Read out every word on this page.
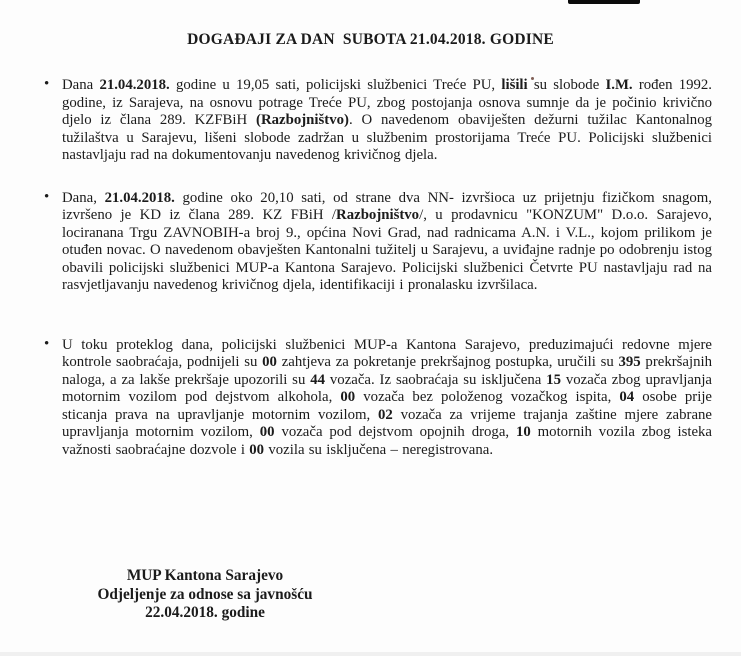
DOGAĐAJI ZA DAN  SUBOTA 21.04.2018. GODINE

• Dana 21.04.2018. godine u 19,05 sati, policijski službenici Treće PU, lišili su slobode I.M. rođen 1992. godine, iz Sarajeva, na osnovu potrage Treće PU, zbog postojanja osnova sumnje da je počinio krivično djelo iz člana 289. KZFBiH (Razbojništvo). O navedenom obaviješten dežurni tužilac Kantonalnog tužilaštva u Sarajevu, lišeni slobode zadržan u službenim prostorijama Treće PU. Policijski službenici nastavljaju rad na dokumentovanju navedenog krivičnog djela.

• Dana, 21.04.2018. godine oko 20,10 sati, od strane dva NN- izvršioca uz prijetnju fizičkom snagom, izvršeno je KD iz člana 289. KZ FBiH /Razbojništvo/, u prodavnicu "KONZUM" D.o.o. Sarajevo, lociranana Trgu ZAVNOBIH-a broj 9., općina Novi Grad, nad radnicama A.N. i V.L., kojom prilikom je otuđen novac. O navedenom obavješten Kantonalni tužitelj u Sarajevu, a uviđajne radnje po odobrenju istog obavili policijski službenici MUP-a Kantona Sarajevo. Policijski službenici Četvrte PU nastavljaju rad na rasvjetljavanju navedenog krivičnog djela, identifikaciji i pronalasku izvršilaca.

• U toku proteklog dana, policijski službenici MUP-a Kantona Sarajevo, preduzimajući redovne mjere kontrole saobraćaja, podnijeli su 00 zahtjeva za pokretanje prekršajnog postupka, uručili su 395 prekršajnih naloga, a za lakše prekršaje upozorili su 44 vozača. Iz saobraćaja su isključena 15 vozača zbog upravljanja motornim vozilom pod dejstvom alkohola, 00 vozača bez položenog vozačkog ispita, 04 osobe prije sticanja prava na upravljanje motornim vozilom, 02 vozača za vrijeme trajanja zaštine mjere zabrane upravljanja motornim vozilom, 00 vozača pod dejstvom opojnih droga, 10 motornih vozila zbog isteka važnosti saobraćajne dozvole i 00 vozila su isključena – neregistrovana.

MUP Kantona Sarajevo
Odjeljenje za odnose sa javnošću
22.04.2018. godine
